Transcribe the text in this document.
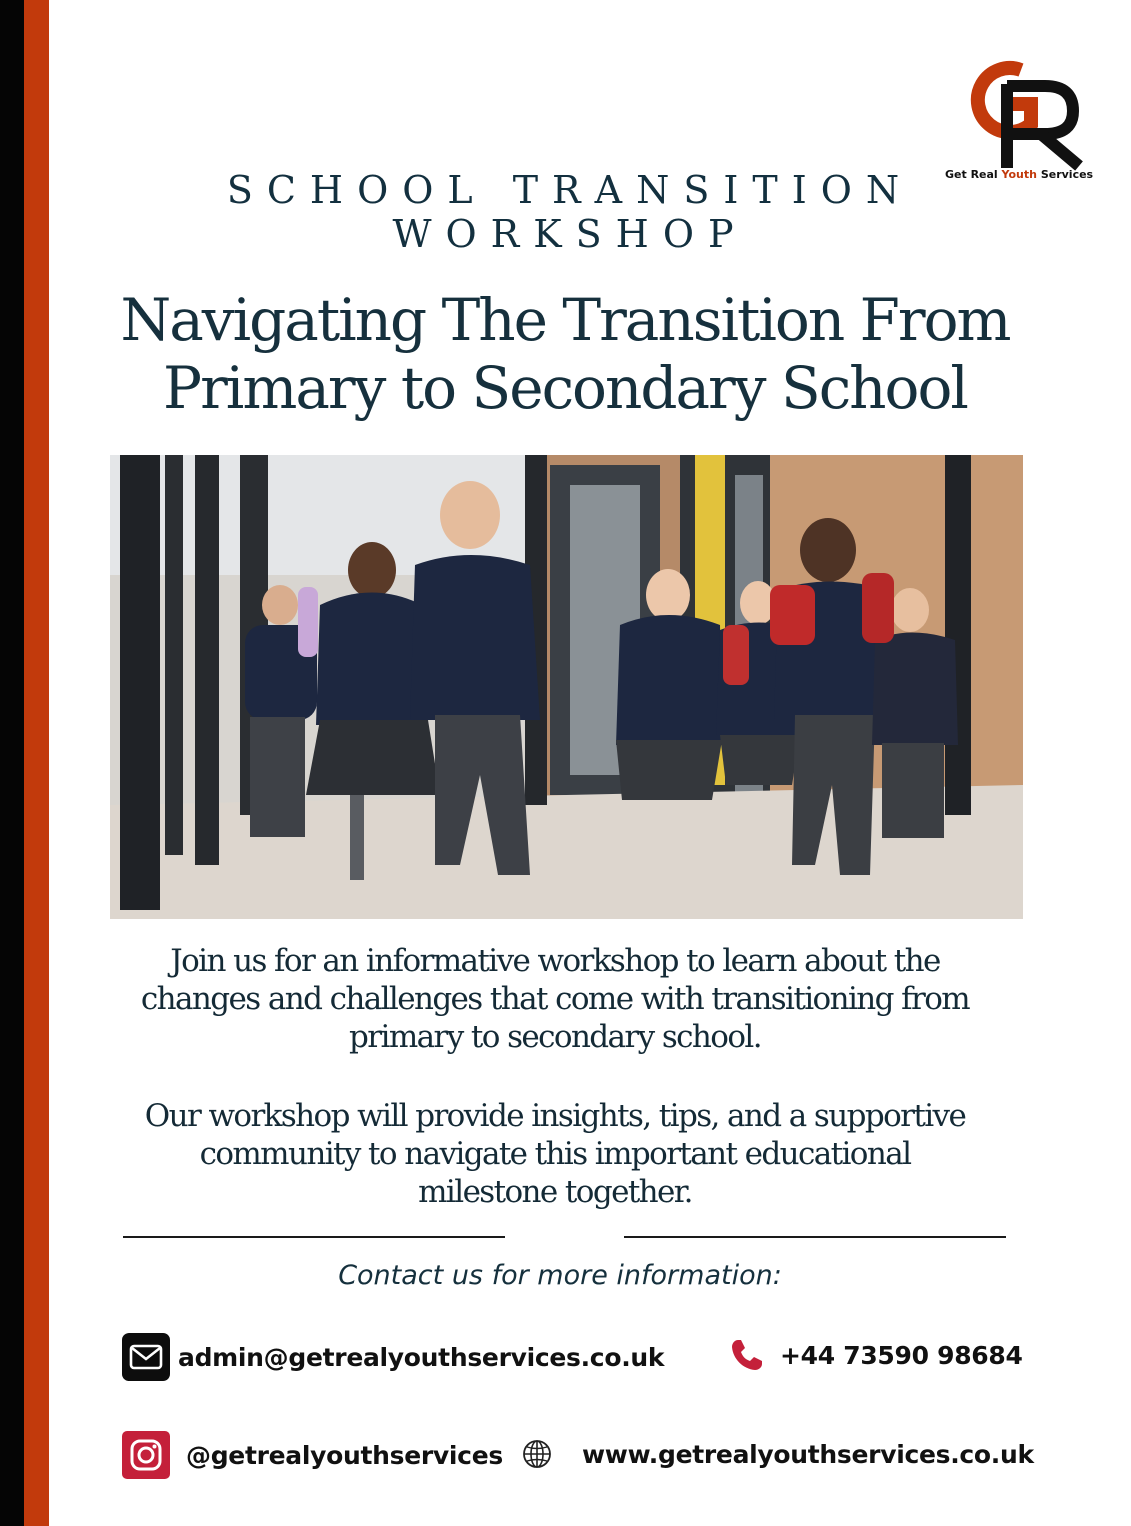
Get Real Youth Services
SCHOOL TRANSITION
WORKSHOP
Navigating The Transition From
Primary to Secondary School
Join us for an informative workshop to learn about the
changes and challenges that come with transitioning from
primary to secondary school.
Our workshop will provide insights, tips, and a supportive
community to navigate this important educational
milestone together.
Contact us for more information:
admin@getrealyouthservices.co.uk	+44 73590 98684
@getrealyouthservices	www.getrealyouthservices.co.uk
